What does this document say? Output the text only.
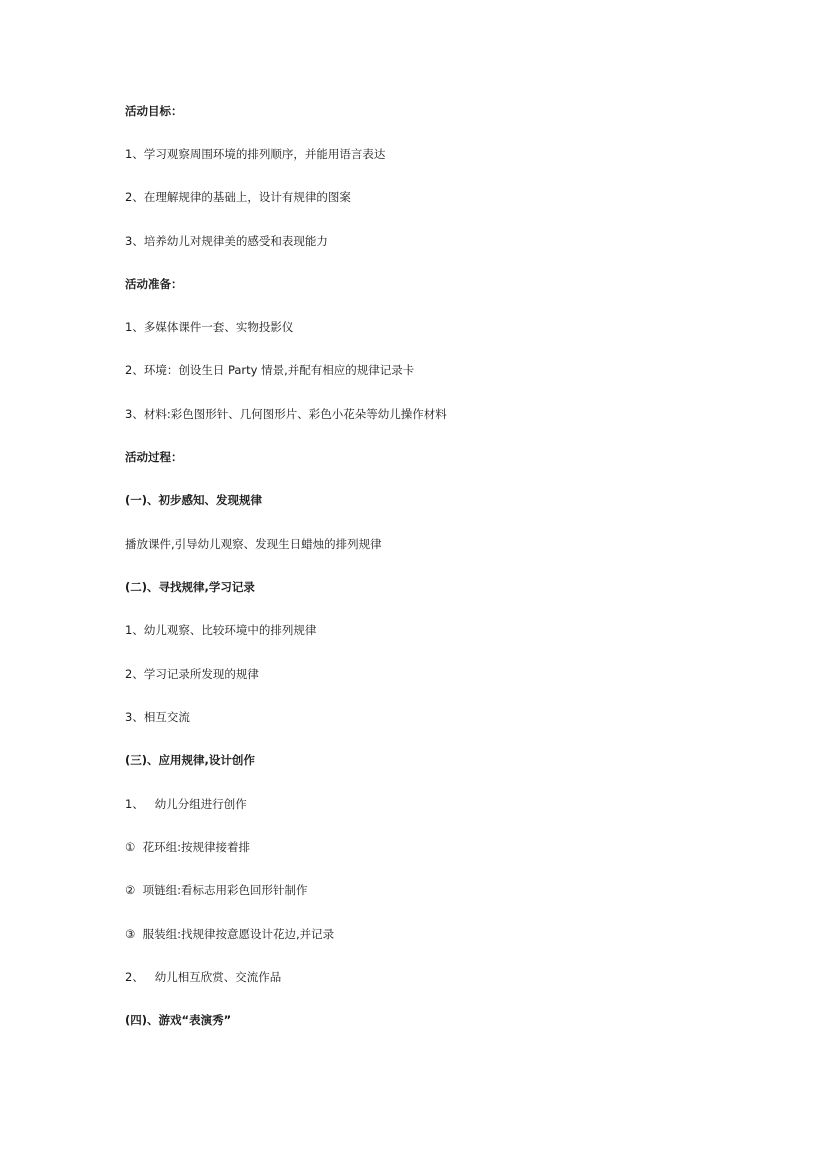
活动目标：
1、学习观察周围环境的排列顺序，并能用语言表达
2、在理解规律的基础上，设计有规律的图案
3、培养幼儿对规律美的感受和表现能力
活动准备：
1、多媒体课件一套、实物投影仪
2、环境：创设生日 Party 情景,并配有相应的规律记录卡
3、材料:彩色图形针、几何图形片、彩色小花朵等幼儿操作材料
活动过程：
(一)、初步感知、发现规律
播放课件,引导幼儿观察、发现生日蜡烛的排列规律
(二)、寻找规律,学习记录
1、幼儿观察、比较环境中的排列规律
2、学习记录所发现的规律
3、相互交流
(三)、应用规律,设计创作
1、   幼儿分组进行创作
①  花环组:按规律接着排
②  项链组:看标志用彩色回形针制作
③  服装组:找规律按意愿设计花边,并记录
2、   幼儿相互欣赏、交流作品
(四)、游戏“表演秀”
